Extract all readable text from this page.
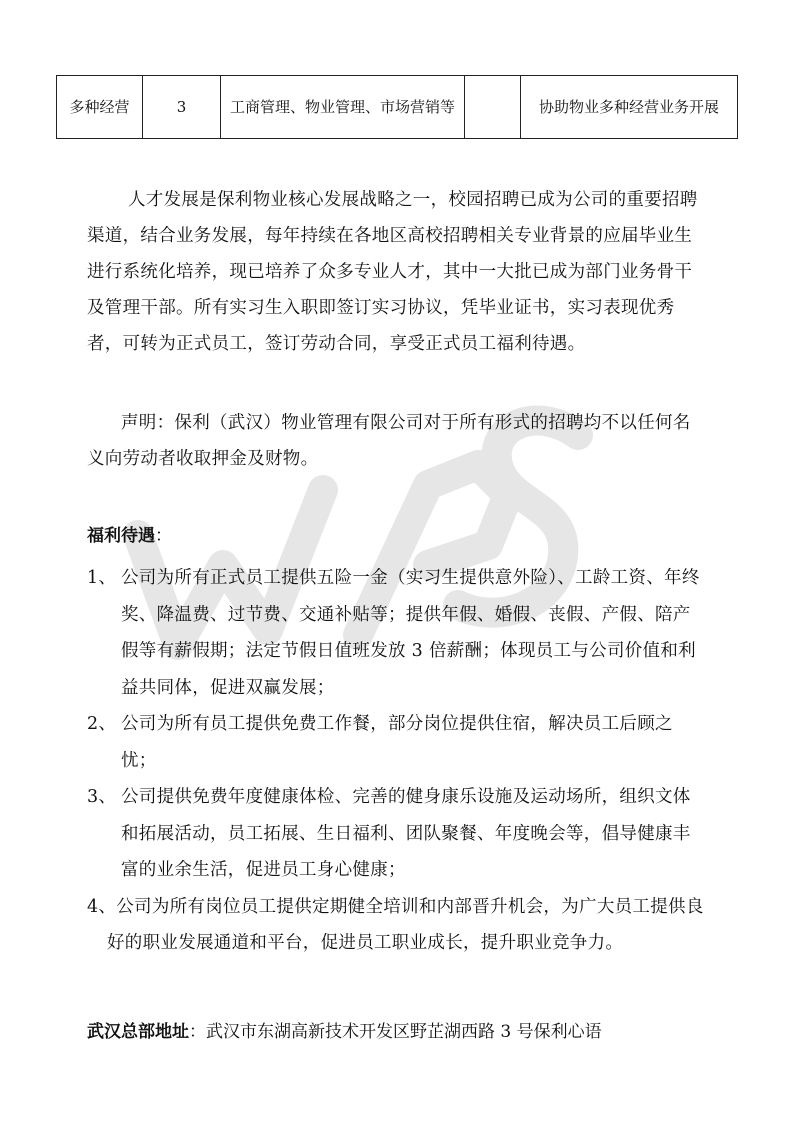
多种经营	3	工商管理、物业管理、市场营销等		协助物业多种经营业务开展

人才发展是保利物业核心发展战略之一，校园招聘已成为公司的重要招聘渠道，结合业务发展，每年持续在各地区高校招聘相关专业背景的应届毕业生进行系统化培养，现已培养了众多专业人才，其中一大批已成为部门业务骨干及管理干部。所有实习生入职即签订实习协议，凭毕业证书，实习表现优秀者，可转为正式员工，签订劳动合同，享受正式员工福利待遇。

声明：保利（武汉）物业管理有限公司对于所有形式的招聘均不以任何名义向劳动者收取押金及财物。

福利待遇：

1、 公司为所有正式员工提供五险一金（实习生提供意外险）、工龄工资、年终奖、降温费、过节费、交通补贴等；提供年假、婚假、丧假、产假、陪产假等有薪假期；法定节假日值班发放 3 倍薪酬；体现员工与公司价值和利益共同体，促进双赢发展；
2、 公司为所有员工提供免费工作餐，部分岗位提供住宿，解决员工后顾之忧；
3、 公司提供免费年度健康体检、完善的健身康乐设施及运动场所，组织文体和拓展活动，员工拓展、生日福利、团队聚餐、年度晚会等，倡导健康丰富的业余生活，促进员工身心健康；
4、公司为所有岗位员工提供定期健全培训和内部晋升机会，为广大员工提供良好的职业发展通道和平台，促进员工职业成长，提升职业竞争力。

武汉总部地址：武汉市东湖高新技术开发区野芷湖西路 3 号保利心语
